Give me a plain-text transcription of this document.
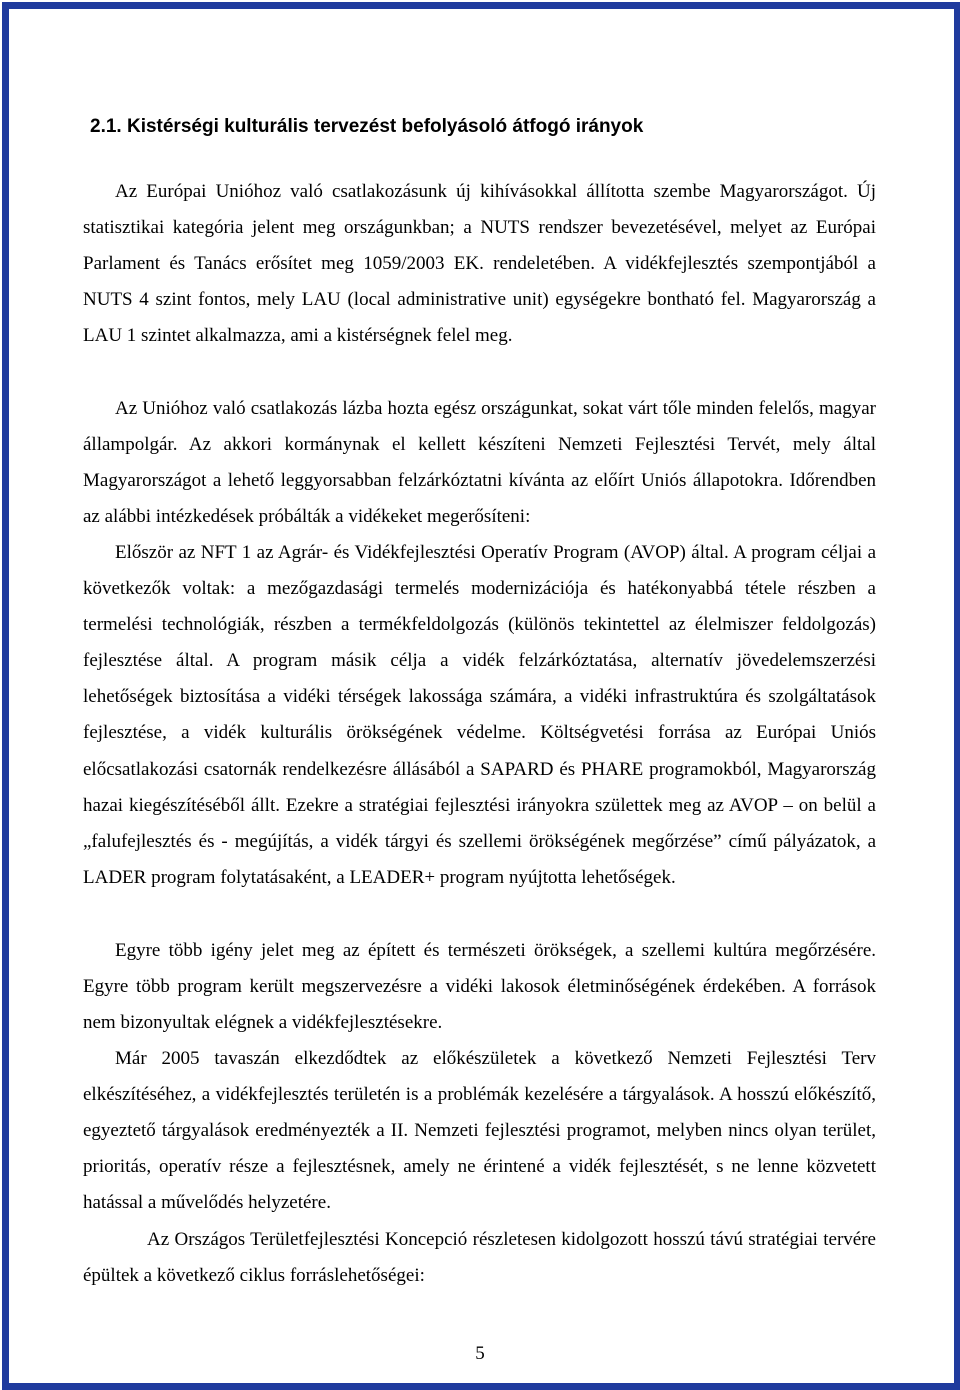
2.1. Kistérségi kulturális tervezést befolyásoló átfogó irányok

Az Európai Unióhoz való csatlakozásunk új kihívásokkal állította szembe Magyarországot. Új statisztikai kategória jelent meg országunkban; a NUTS rendszer bevezetésével, melyet az Európai Parlament és Tanács erősítet meg 1059/2003 EK. rendeletében. A vidékfejlesztés szempontjából a NUTS 4 szint fontos, mely LAU (local administrative unit) egységekre bontható fel. Magyarország a LAU 1 szintet alkalmazza, ami a kistérségnek felel meg.

Az Unióhoz való csatlakozás lázba hozta egész országunkat, sokat várt tőle minden felelős, magyar állampolgár. Az akkori kormánynak el kellett készíteni Nemzeti Fejlesztési Tervét, mely által Magyarországot a lehető leggyorsabban felzárkóztatni kívánta az előírt Uniós állapotokra. Időrendben az alábbi intézkedések próbálták a vidékeket megerősíteni:

Először az NFT 1 az Agrár- és Vidékfejlesztési Operatív Program (AVOP) által. A program céljai a következők voltak: a mezőgazdasági termelés modernizációja és hatékonyabbá tétele részben a termelési technológiák, részben a termékfeldolgozás (különös tekintettel az élelmiszer feldolgozás) fejlesztése által. A program másik célja a vidék felzárkóztatása, alternatív jövedelemszerzési lehetőségek biztosítása a vidéki térségek lakossága számára, a vidéki infrastruktúra és szolgáltatások fejlesztése, a vidék kulturális örökségének védelme. Költségvetési forrása az Európai Uniós előcsatlakozási csatornák rendelkezésre állásából a SAPARD és PHARE programokból, Magyarország hazai kiegészítéséből állt. Ezekre a stratégiai fejlesztési irányokra születtek meg az AVOP – on belül a „falufejlesztés és - megújítás, a vidék tárgyi és szellemi örökségének megőrzése” című pályázatok, a LADER program folytatásaként, a LEADER+ program nyújtotta lehetőségek.

Egyre több igény jelet meg az épített és természeti örökségek, a szellemi kultúra megőrzésére. Egyre több program került megszervezésre a vidéki lakosok életminőségének érdekében. A források nem bizonyultak elégnek a vidékfejlesztésekre.

Már 2005 tavaszán elkezdődtek az előkészületek a következő Nemzeti Fejlesztési Terv elkészítéséhez, a vidékfejlesztés területén is a problémák kezelésére a tárgyalások. A hosszú előkészítő, egyeztető tárgyalások eredményezték a II. Nemzeti fejlesztési programot, melyben nincs olyan terület, prioritás, operatív része a fejlesztésnek, amely ne érintené a vidék fejlesztését, s ne lenne közvetett hatással a művelődés helyzetére.

Az Országos Területfejlesztési Koncepció részletesen kidolgozott hosszú távú stratégiai tervére épültek a következő ciklus forráslehetőségei:

5
